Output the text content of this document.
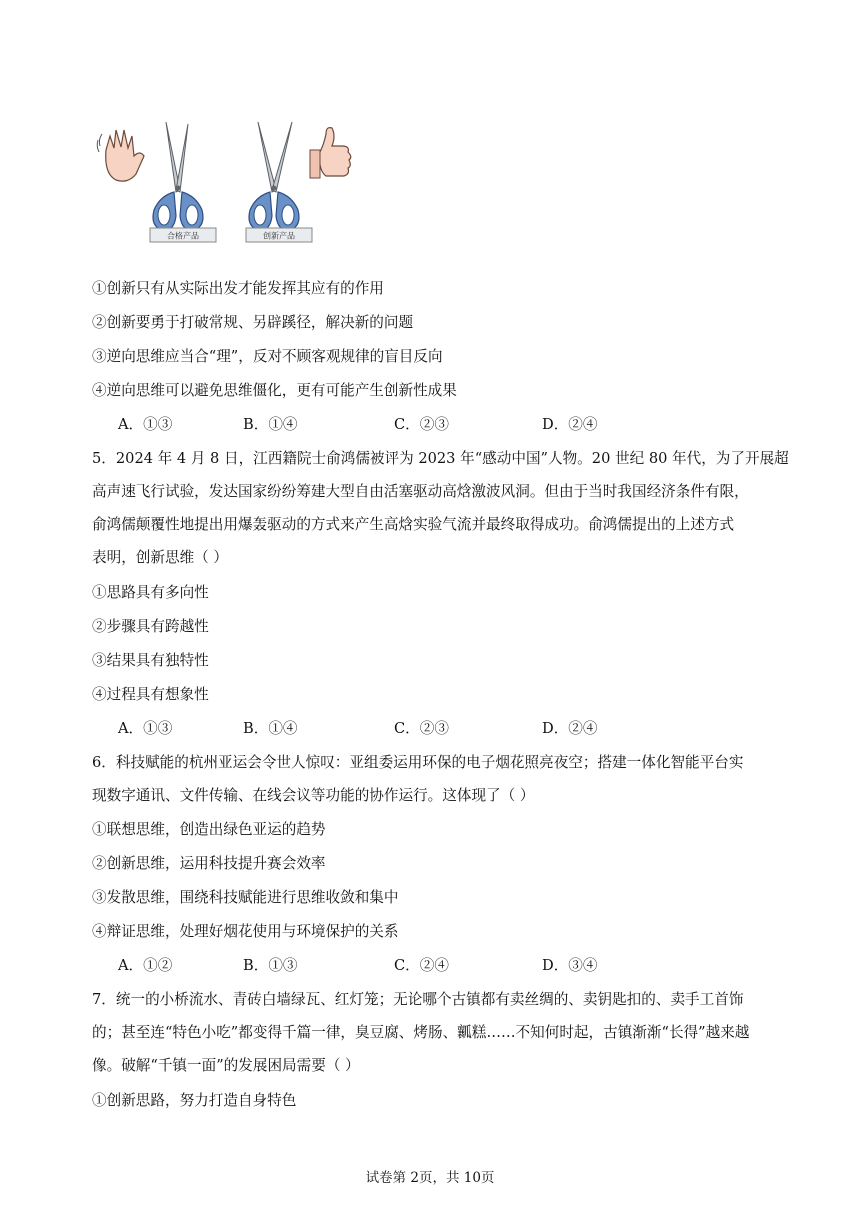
合格产品	创新产品
①创新只有从实际出发才能发挥其应有的作用
②创新要勇于打破常规、另辟蹊径，解决新的问题
③逆向思维应当合“理”，反对不顾客观规律的盲目反向
④逆向思维可以避免思维僵化，更有可能产生创新性成果
A．①③	B．①④	C．②③	D．②④
5．2024 年 4 月 8 日，江西籍院士俞鸿儒被评为 2023 年“感动中国”人物。20 世纪 80 年代，为了开展超
高声速飞行试验，发达国家纷纷筹建大型自由活塞驱动高焓激波风洞。但由于当时我国经济条件有限，
俞鸿儒颠覆性地提出用爆轰驱动的方式来产生高焓实验气流并最终取得成功。俞鸿儒提出的上述方式
表明，创新思维（ ）
①思路具有多向性
②步骤具有跨越性
③结果具有独特性
④过程具有想象性
A．①③	B．①④	C．②③	D．②④
6．科技赋能的杭州亚运会令世人惊叹：亚组委运用环保的电子烟花照亮夜空；搭建一体化智能平台实
现数字通讯、文件传输、在线会议等功能的协作运行。这体现了（ ）
①联想思维，创造出绿色亚运的趋势
②创新思维，运用科技提升赛会效率
③发散思维，围绕科技赋能进行思维收敛和集中
④辩证思维，处理好烟花使用与环境保护的关系
A．①②	B．①③	C．②④	D．③④
7．统一的小桥流水、青砖白墙绿瓦、红灯笼；无论哪个古镇都有卖丝绸的、卖钥匙扣的、卖手工首饰
的；甚至连“特色小吃”都变得千篇一律，臭豆腐、烤肠、瓤糕……不知何时起，古镇渐渐“长得”越来越
像。破解“千镇一面”的发展困局需要（ ）
①创新思路，努力打造自身特色
试卷第 2页，共 10页
